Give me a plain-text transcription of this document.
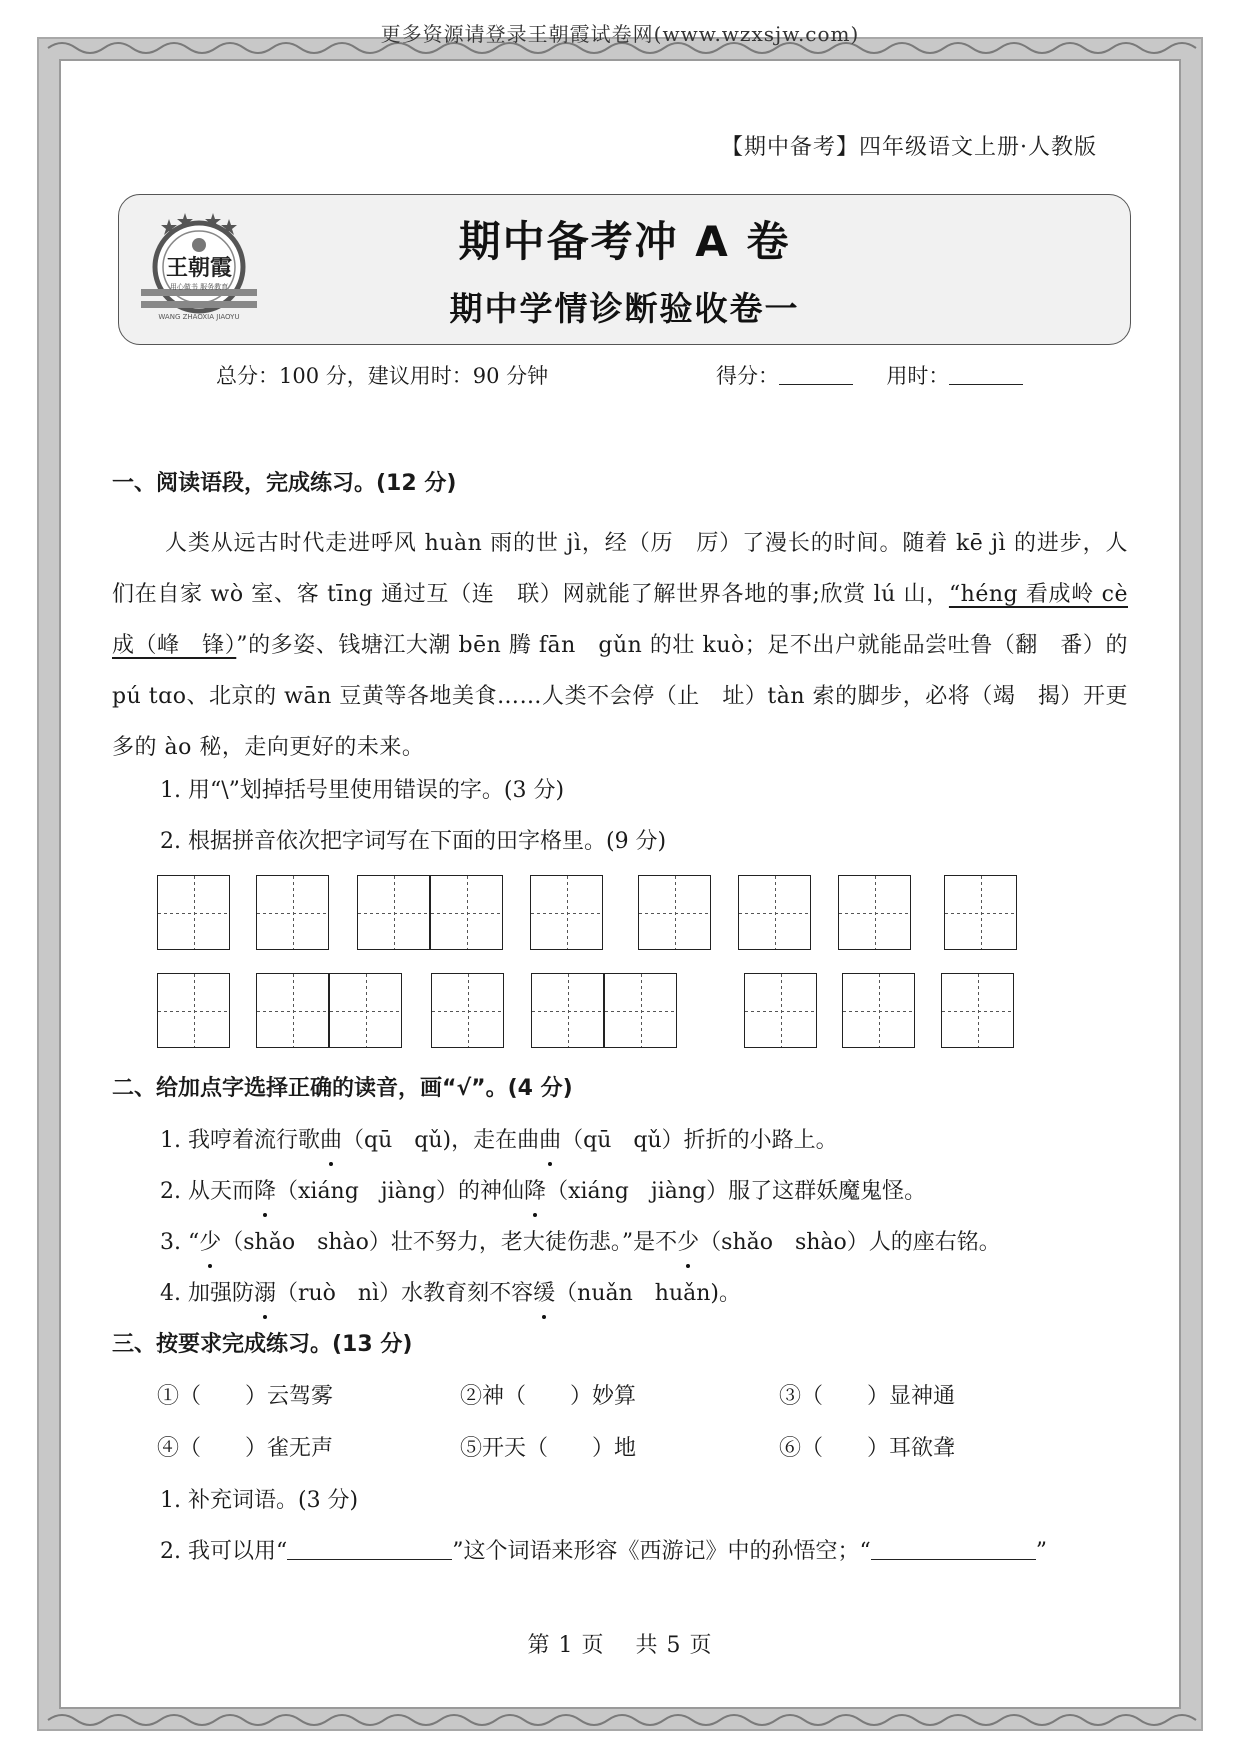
更多资源请登录王朝霞试卷网(www.wzxsjw.com)
【期中备考】四年级语文上册·人教版
王朝霞
用心做书 服务教育
WANG ZHAOXIA JIAOYU
期中备考冲 A 卷
期中学情诊断验收卷一
总分：100 分，建议用时：90 分钟	得分：	用时：
一、阅读语段，完成练习。(12 分)
人类从远古时代走进呼风 huàn 雨的世 jì，经（历　厉）了漫长的时间。随着 kē jì 的进步，人们在自家 wò 室、客 tīng 通过互（连　联）网就能了解世界各地的事;欣赏 lú 山，“héng 看成岭 cè 成（峰　锋）”的多姿、钱塘江大潮 bēn 腾 fān　gǔn 的壮 kuò；足不出户就能品尝吐鲁（翻　番）的 pú tɑo、北京的 wān 豆黄等各地美食……人类不会停（止　址）tàn 索的脚步，必将（竭　揭）开更多的 ào 秘，走向更好的未来。
1. 用“\”划掉括号里使用错误的字。(3 分)
2. 根据拼音依次把字词写在下面的田字格里。(9 分)
二、给加点字选择正确的读音，画“√”。(4 分)
1. 我哼着流行歌曲（qū　qǔ)，走在曲曲（qū　qǔ）折折的小路上。
2. 从天而降（xiáng　jiàng）的神仙降（xiáng　jiàng）服了这群妖魔鬼怪。
3. “少（shǎo　shào）壮不努力，老大徒伤悲。”是不少（shǎo　shào）人的座右铭。
4. 加强防溺（ruò　nì）水教育刻不容缓（nuǎn　huǎn)。
三、按要求完成练习。(13 分)
①（　　）云驾雾	②神（　　）妙算	③（　　）显神通
④（　　）雀无声	⑤开天（　　）地	⑥（　　）耳欲聋
1. 补充词语。(3 分)
2. 我可以用“	”这个词语来形容《西游记》中的孙悟空；“	”
第 1 页　 共 5 页
